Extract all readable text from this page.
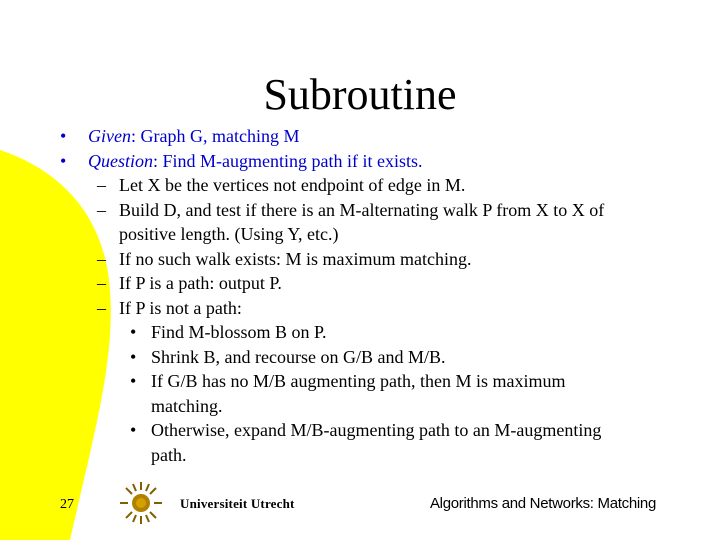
Subroutine
• Given: Graph G, matching M
• Question: Find M-augmenting path if it exists.
– Let X be the vertices not endpoint of edge in M.
– Build D, and test if there is an M-alternating walk P from X to X of
positive length. (Using Y, etc.)
– If no such walk exists: M is maximum matching.
– If P is a path: output P.
– If P is not a path:
• Find M-blossom B on P.
• Shrink B, and recourse on G/B and M/B.
• If G/B has no M/B augmenting path, then M is maximum
matching.
• Otherwise, expand M/B-augmenting path to an M-augmenting
path.
27	Universiteit Utrecht	Algorithms and Networks: Matching
